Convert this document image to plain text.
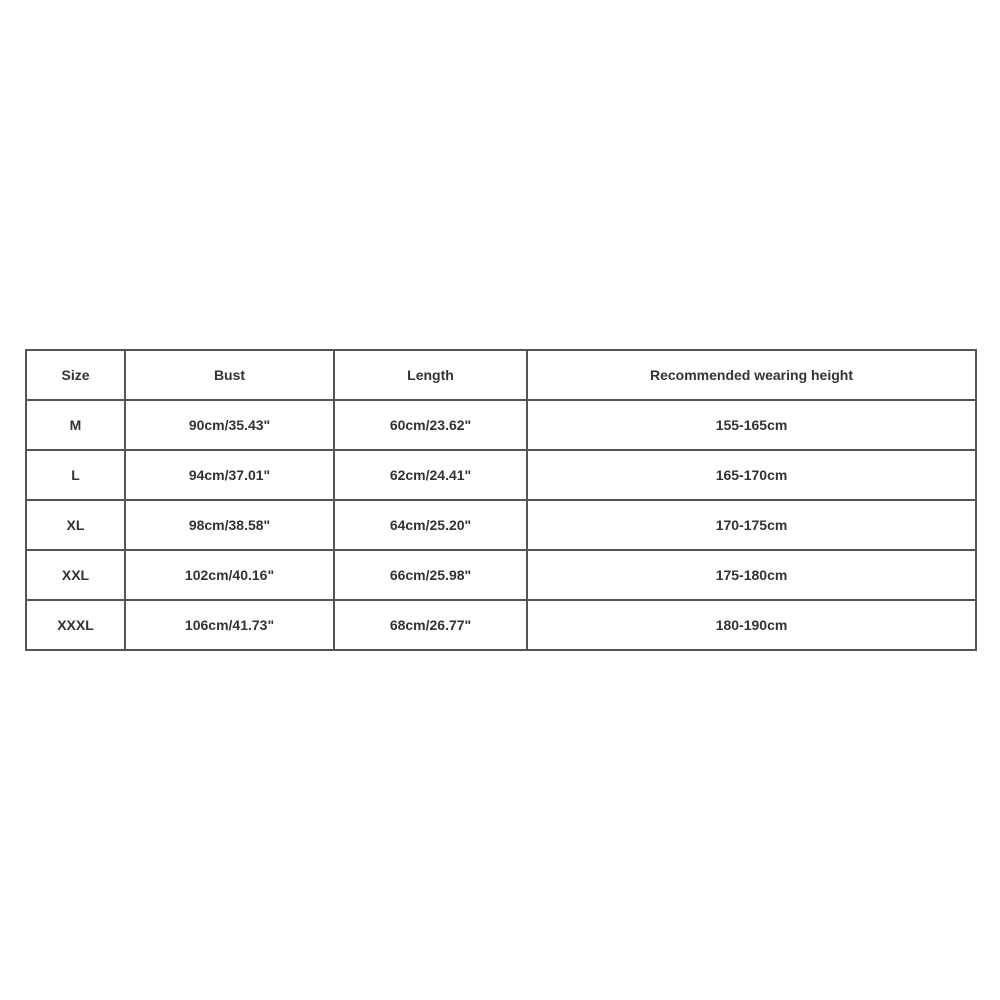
Size	Bust	Length	Recommended wearing height
M	90cm/35.43"	60cm/23.62"	155-165cm
L	94cm/37.01"	62cm/24.41"	165-170cm
XL	98cm/38.58"	64cm/25.20"	170-175cm
XXL	102cm/40.16"	66cm/25.98"	175-180cm
XXXL	106cm/41.73"	68cm/26.77"	180-190cm
